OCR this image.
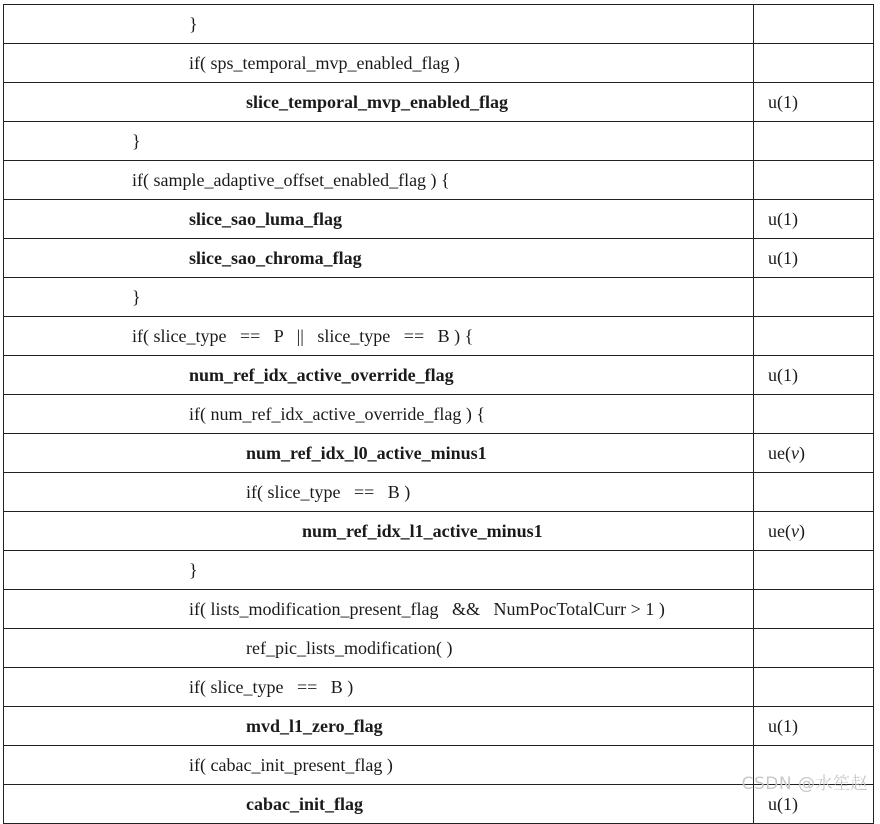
}	
if( sps_temporal_mvp_enabled_flag )	
slice_temporal_mvp_enabled_flag	u(1)
}	
if( sample_adaptive_offset_enabled_flag ) {	
slice_sao_luma_flag	u(1)
slice_sao_chroma_flag	u(1)
}	
if( slice_type   ==   P   ||   slice_type   ==   B ) {	
num_ref_idx_active_override_flag	u(1)
if( num_ref_idx_active_override_flag ) {	
num_ref_idx_l0_active_minus1	ue(v)
if( slice_type   ==   B )	
num_ref_idx_l1_active_minus1	ue(v)
}	
if( lists_modification_present_flag   &&   NumPocTotalCurr > 1 )	
ref_pic_lists_modification( )	
if( slice_type   ==   B )	
mvd_l1_zero_flag	u(1)
if( cabac_init_present_flag )	
cabac_init_flag	u(1)
CSDN @水笙赵
